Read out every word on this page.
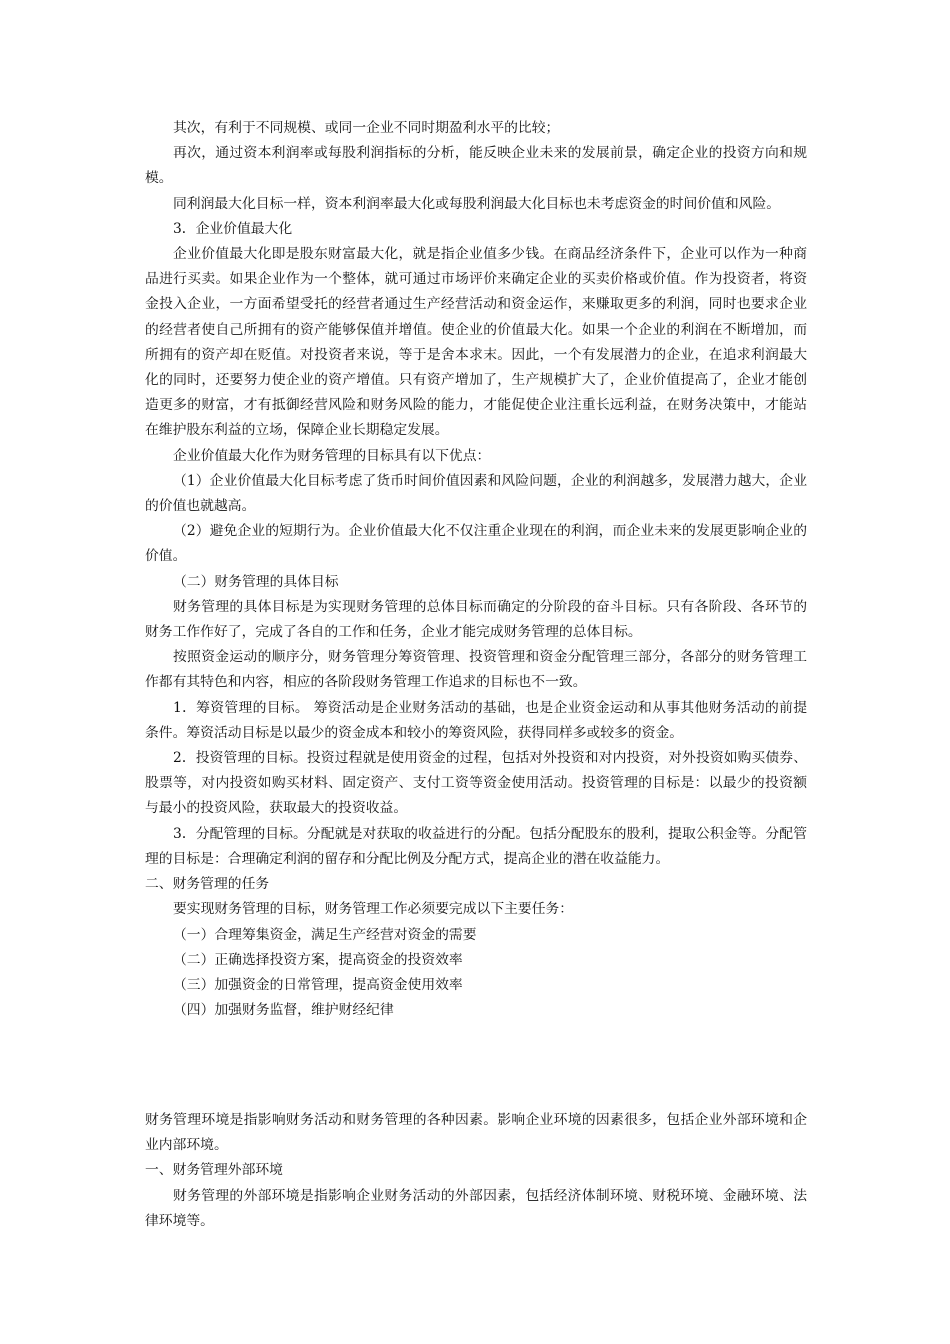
其次，有利于不同规模、或同一企业不同时期盈利水平的比较；

再次，通过资本利润率或每股利润指标的分析，能反映企业未来的发展前景，确定企业的投资方向和规模。

同利润最大化目标一样，资本利润率最大化或每股利润最大化目标也未考虑资金的时间价值和风险。

3．企业价值最大化

企业价值最大化即是股东财富最大化，就是指企业值多少钱。在商品经济条件下，企业可以作为一种商品进行买卖。如果企业作为一个整体，就可通过市场评价来确定企业的买卖价格或价值。作为投资者，将资金投入企业，一方面希望受托的经营者通过生产经营活动和资金运作，来赚取更多的利润，同时也要求企业的经营者使自己所拥有的资产能够保值并增值。使企业的价值最大化。如果一个企业的利润在不断增加，而所拥有的资产却在贬值。对投资者来说，等于是舍本求末。因此，一个有发展潜力的企业，在追求利润最大化的同时，还要努力使企业的资产增值。只有资产增加了，生产规模扩大了，企业价值提高了，企业才能创造更多的财富，才有抵御经营风险和财务风险的能力，才能促使企业注重长远利益，在财务决策中，才能站在维护股东利益的立场，保障企业长期稳定发展。

企业价值最大化作为财务管理的目标具有以下优点：

（1）企业价值最大化目标考虑了货币时间价值因素和风险问题，企业的利润越多，发展潜力越大，企业的价值也就越高。

（2）避免企业的短期行为。企业价值最大化不仅注重企业现在的利润，而企业未来的发展更影响企业的价值。

（二）财务管理的具体目标

财务管理的具体目标是为实现财务管理的总体目标而确定的分阶段的奋斗目标。只有各阶段、各环节的财务工作作好了，完成了各自的工作和任务，企业才能完成财务管理的总体目标。

按照资金运动的顺序分，财务管理分筹资管理、投资管理和资金分配管理三部分，各部分的财务管理工作都有其特色和内容，相应的各阶段财务管理工作追求的目标也不一致。

1．筹资管理的目标。 筹资活动是企业财务活动的基础，也是企业资金运动和从事其他财务活动的前提条件。筹资活动目标是以最少的资金成本和较小的筹资风险，获得同样多或较多的资金。

2．投资管理的目标。投资过程就是使用资金的过程，包括对外投资和对内投资，对外投资如购买债券、股票等，对内投资如购买材料、固定资产、支付工资等资金使用活动。投资管理的目标是：以最少的投资额与最小的投资风险，获取最大的投资收益。

3．分配管理的目标。分配就是对获取的收益进行的分配。包括分配股东的股利，提取公积金等。分配管理的目标是：合理确定利润的留存和分配比例及分配方式，提高企业的潜在收益能力。

二、财务管理的任务

要实现财务管理的目标，财务管理工作必须要完成以下主要任务：

（一）合理筹集资金，满足生产经营对资金的需要

（二）正确选择投资方案，提高资金的投资效率

（三）加强资金的日常管理，提高资金使用效率

（四）加强财务监督，维护财经纪律

财务管理环境是指影响财务活动和财务管理的各种因素。影响企业环境的因素很多，包括企业外部环境和企业内部环境。

一、财务管理外部环境

财务管理的外部环境是指影响企业财务活动的外部因素，包括经济体制环境、财税环境、金融环境、法律环境等。
